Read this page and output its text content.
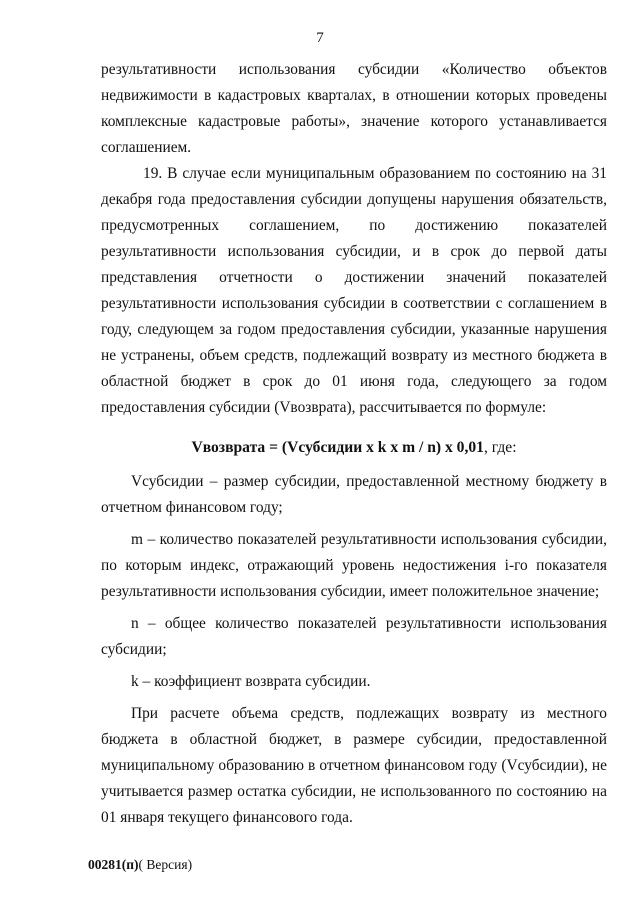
7

результативности использования субсидии «Количество объектов недвижимости в кадастровых кварталах, в отношении которых проведены комплексные кадастровые работы», значение которого устанавливается соглашением.

19. В случае если муниципальным образованием по состоянию на 31 декабря года предоставления субсидии допущены нарушения обязательств, предусмотренных соглашением, по достижению показателей результативности использования субсидии, и в срок до первой даты представления отчетности о достижении значений показателей результативности использования субсидии в соответствии с соглашением в году, следующем за годом предоставления субсидии, указанные нарушения не устранены, объем средств, подлежащий возврату из местного бюджета в областной бюджет в срок до 01 июня года, следующего за годом предоставления субсидии (Vвозврата), рассчитывается по формуле:

Vвозврата = (Vсубсидии x k x m / n) x 0,01, где:

Vсубсидии – размер субсидии, предоставленной местному бюджету в отчетном финансовом году;

m – количество показателей результативности использования субсидии, по которым индекс, отражающий уровень недостижения i-го показателя результативности использования субсидии, имеет положительное значение;

n – общее количество показателей результативности использования субсидии;

k – коэффициент возврата субсидии.

При расчете объема средств, подлежащих возврату из местного бюджета в областной бюджет, в размере субсидии, предоставленной муниципальному образованию в отчетном финансовом году (Vсубсидии), не учитывается размер остатка субсидии, не использованного по состоянию на 01 января текущего финансового года.

00281(п)( Версия)
